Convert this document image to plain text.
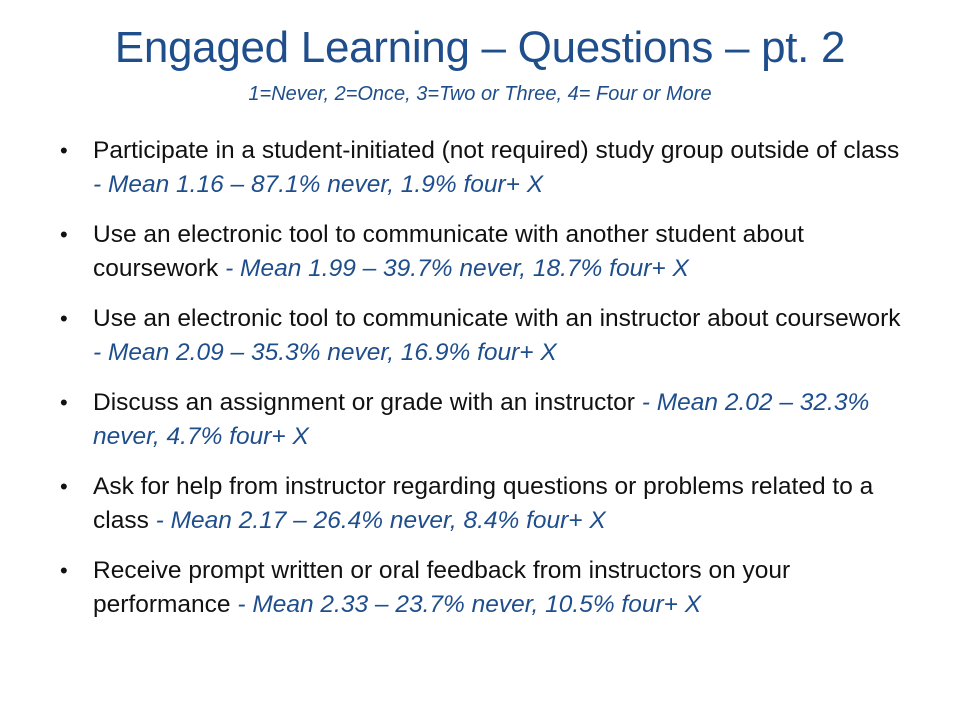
Engaged Learning – Questions – pt. 2

1=Never, 2=Once, 3=Two or Three, 4= Four or More

• Participate in a student-initiated (not required) study group outside of class - Mean 1.16 – 87.1% never, 1.9% four+ X
• Use an electronic tool to communicate with another student about coursework - Mean 1.99 – 39.7% never, 18.7% four+ X
• Use an electronic tool to communicate with an instructor about coursework - Mean 2.09 – 35.3% never, 16.9% four+ X
• Discuss an assignment or grade with an instructor - Mean 2.02 – 32.3% never, 4.7% four+ X
• Ask for help from instructor regarding questions or problems related to a class - Mean 2.17 – 26.4% never, 8.4% four+ X
• Receive prompt written or oral feedback from instructors on your performance - Mean 2.33 – 23.7% never, 10.5% four+ X
